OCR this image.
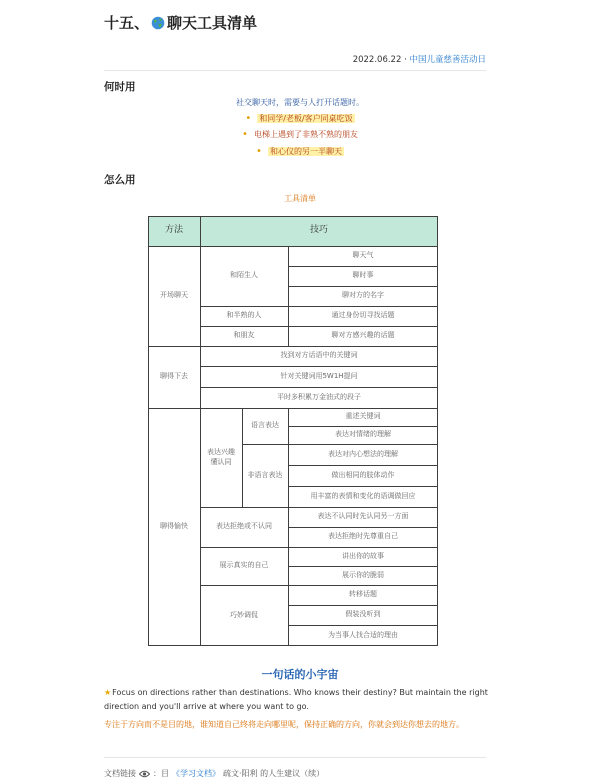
十五、 聊天工具清单
2022.06.22 · 中国儿童慈善活动日
何时用
社交聊天时，需要与人打开话题时。
• 和同学/老板/客户同桌吃饭
• 电梯上遇到了非熟不熟的朋友
• 和心仪的另一半聊天
怎么用
工具清单
方法	技巧
开场聊天
和陌生人
和半熟的人
和朋友
聊天气
聊时事
聊对方的名字
通过身份切寻找话题
聊对方感兴趣的话题
聊得下去
找到对方话语中的关键词
针对关键词用5W1H提问
平时多积累万金油式的段子
聊得愉快
表达兴趣
懂认同
语言表达
非语言表达
重述关键词
表达对情绪的理解
表达对内心想法的理解
做出相同的肢体动作
用丰富的表情和变化的语调做回应
表达拒绝或不认同
表达不认同时先认同另一方面
表达拒绝时先尊重自己
展示真实的自己
讲出你的故事
展示你的脆弱
巧妙调侃
转移话题
假装没听到
为当事人找合适的理由
一句话的小宇宙
★Focus on directions rather than destinations. Who knows their destiny? But maintain the right direction and you'll arrive at where you want to go.
专注于方向而不是目的地，谁知道自己终将走向哪里呢，保持正确的方向，你就会到达你想去的地方。
文档链接 ：目 《学习文档》 疏文·阳利 的人生建议（续）
